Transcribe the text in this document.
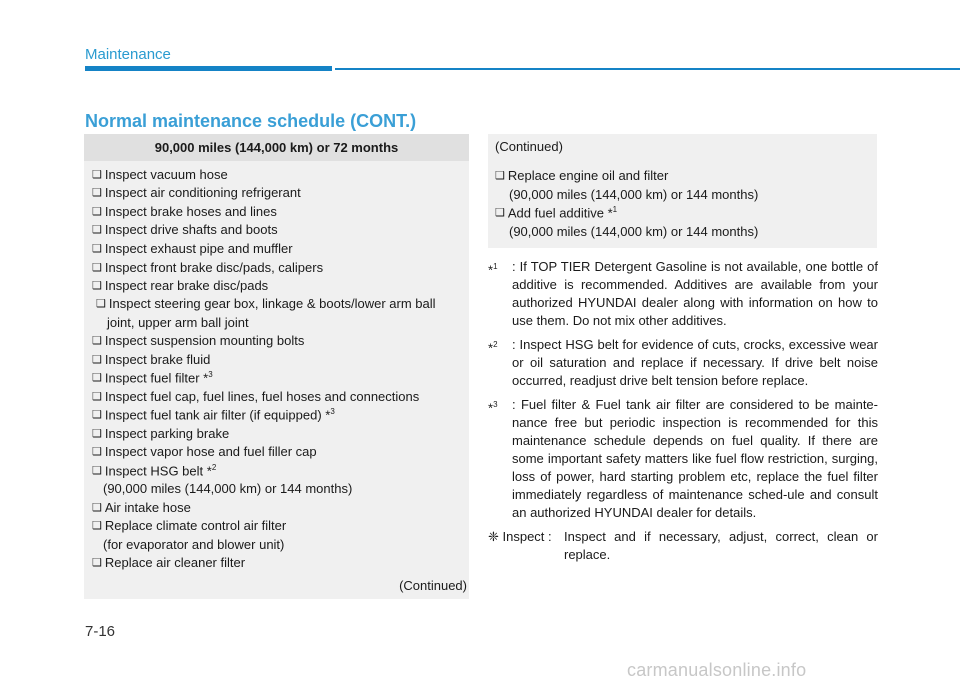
Maintenance
Normal maintenance schedule (CONT.)
90,000 miles (144,000 km) or 72 months
❑ Inspect vacuum hose
❑ Inspect air conditioning refrigerant
❑ Inspect brake hoses and lines
❑ Inspect drive shafts and boots
❑ Inspect exhaust pipe and muffler
❑ Inspect front brake disc/pads, calipers
❑ Inspect rear brake disc/pads
❑ Inspect steering gear box, linkage & boots/lower arm ball
joint, upper arm ball joint
❑ Inspect suspension mounting bolts
❑ Inspect brake fluid
❑ Inspect fuel filter *$^3$
❑ Inspect fuel cap, fuel lines, fuel hoses and connections
❑ Inspect fuel tank air filter (if equipped) *$^3$
❑ Inspect parking brake
❑ Inspect vapor hose and fuel filler cap
❑ Inspect HSG belt *$^2$
(90,000 miles (144,000 km) or 144 months)
❑ Air intake hose
❑ Replace climate control air filter
(for evaporator and blower unit)
❑ Replace air cleaner filter
(Continued)
(Continued)
❑ Replace engine oil and filter
(90,000 miles (144,000 km) or 144 months)
❑ Add fuel additive *$^1$
(90,000 miles (144,000 km) or 144 months)
*$^1$	: If TOP TIER Detergent Gasoline is not available, one bottle of additive is recommended. Additives are available from your authorized HYUNDAI dealer along with information on how to use them. Do not mix other additives.
*$^2$	: Inspect HSG belt for evidence of cuts, crocks, excessive wear or oil saturation and replace if necessary. If drive belt noise occurred, readjust drive belt tension before replace.
*$^3$	: Fuel filter & Fuel tank air filter are considered to be mainte-nance free but periodic inspection is recommended for this maintenance schedule depends on fuel quality. If there are some important safety matters like fuel flow restriction, surging, loss of power, hard starting problem etc, replace the fuel filter immediately regardless of maintenance sched-ule and consult an authorized HYUNDAI dealer for details.
❈ Inspect : Inspect and if necessary, adjust, correct, clean or replace.
7-16
carmanualsonline.info
